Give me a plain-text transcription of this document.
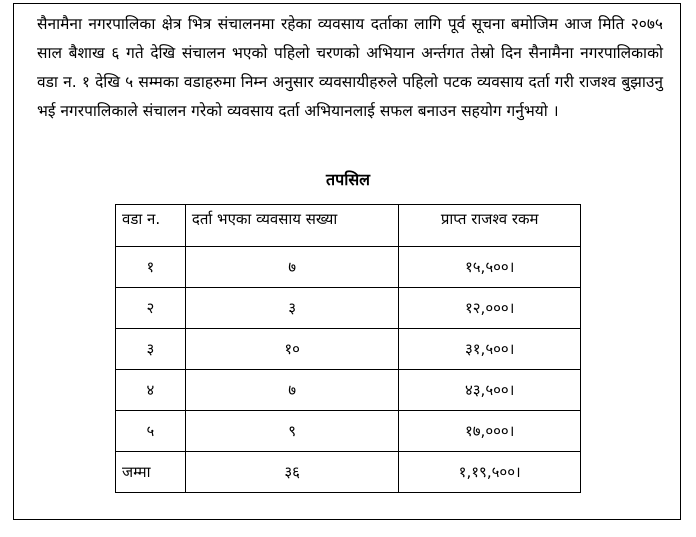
सैनामैना नगरपालिका क्षेत्र भित्र संचालनमा रहेका व्यवसाय दर्ताका लागि पूर्व सूचना बमोजिम आज मिति २०७५ साल बैशाख ६ गते देखि संचालन भएको पहिलो चरणको अभियान अर्न्तगत तेस्रो दिन सैनामैना नगरपालिकाको वडा न. १ देखि ५ सम्मका वडाहरुमा निम्न अनुसार व्यवसायीहरुले पहिलो पटक व्यवसाय दर्ता गरी राजश्व बुझाउनु भई नगरपालिकाले संचालन गरेको व्यवसाय दर्ता अभियानलाई सफल बनाउन सहयोग गर्नुभयो ।

तपसिल
वडा न.	दर्ता भएका व्यवसाय सख्या	प्राप्त राजश्व रकम
१	७	१५,५००।
२	३	१२,०००।
३	१०	३१,५००।
४	७	४३,५००।
५	९	१७,०००।
जम्मा	३६	१,१९,५००।
